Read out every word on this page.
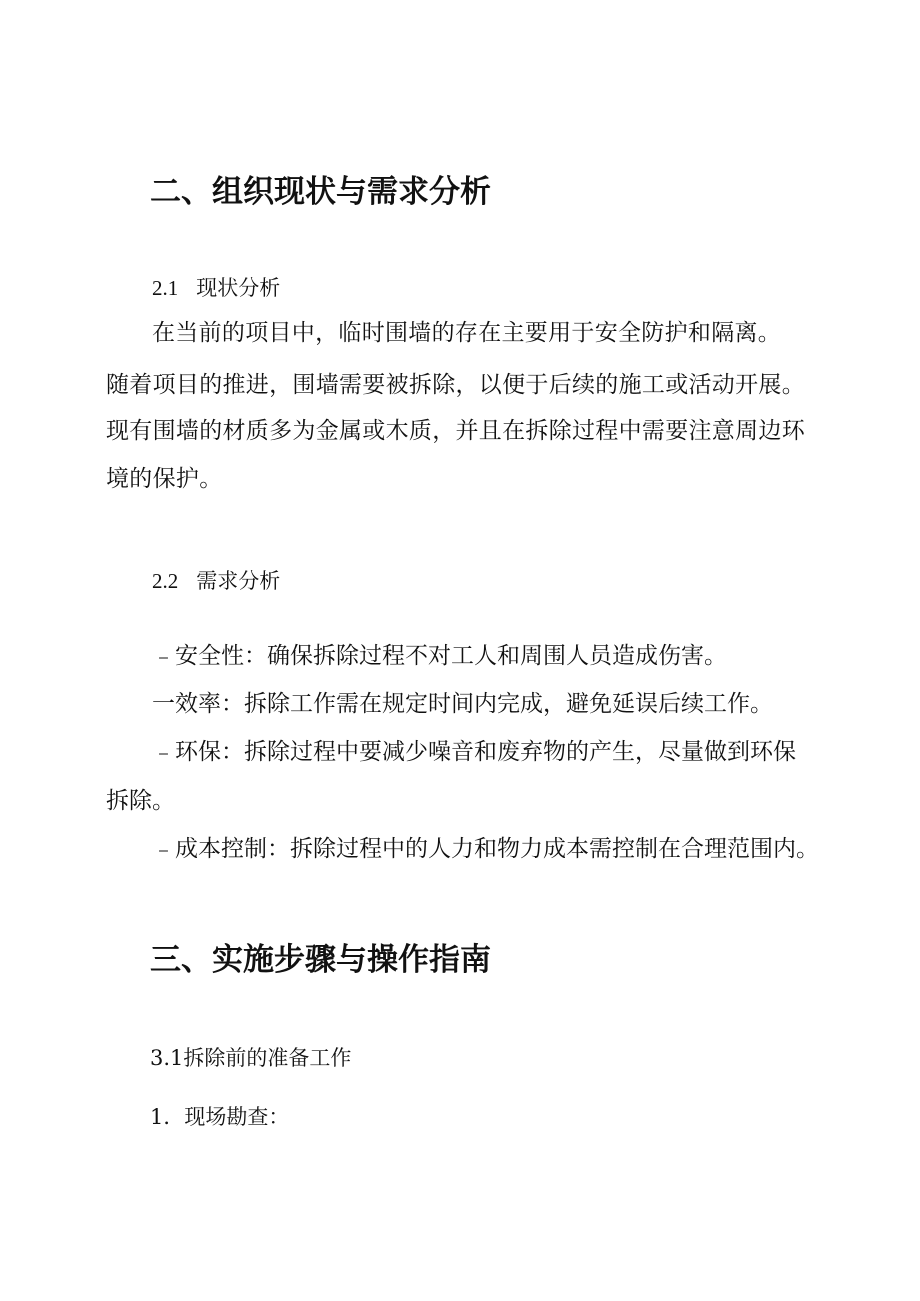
二、组织现状与需求分析
2.1 现状分析
在当前的项目中，临时围墙的存在主要用于安全防护和隔离。
随着项目的推进，围墙需要被拆除，以便于后续的施工或活动开展。
现有围墙的材质多为金属或木质，并且在拆除过程中需要注意周边环
境的保护。
2.2 需求分析
﹣安全性：确保拆除过程不对工人和周围人员造成伤害。
一效率：拆除工作需在规定时间内完成，避免延误后续工作。
﹣环保：拆除过程中要减少噪音和废弃物的产生，尽量做到环保
拆除。
﹣成本控制：拆除过程中的人力和物力成本需控制在合理范围内。
三、实施步骤与操作指南
3.1拆除前的准备工作
1．现场勘查：
